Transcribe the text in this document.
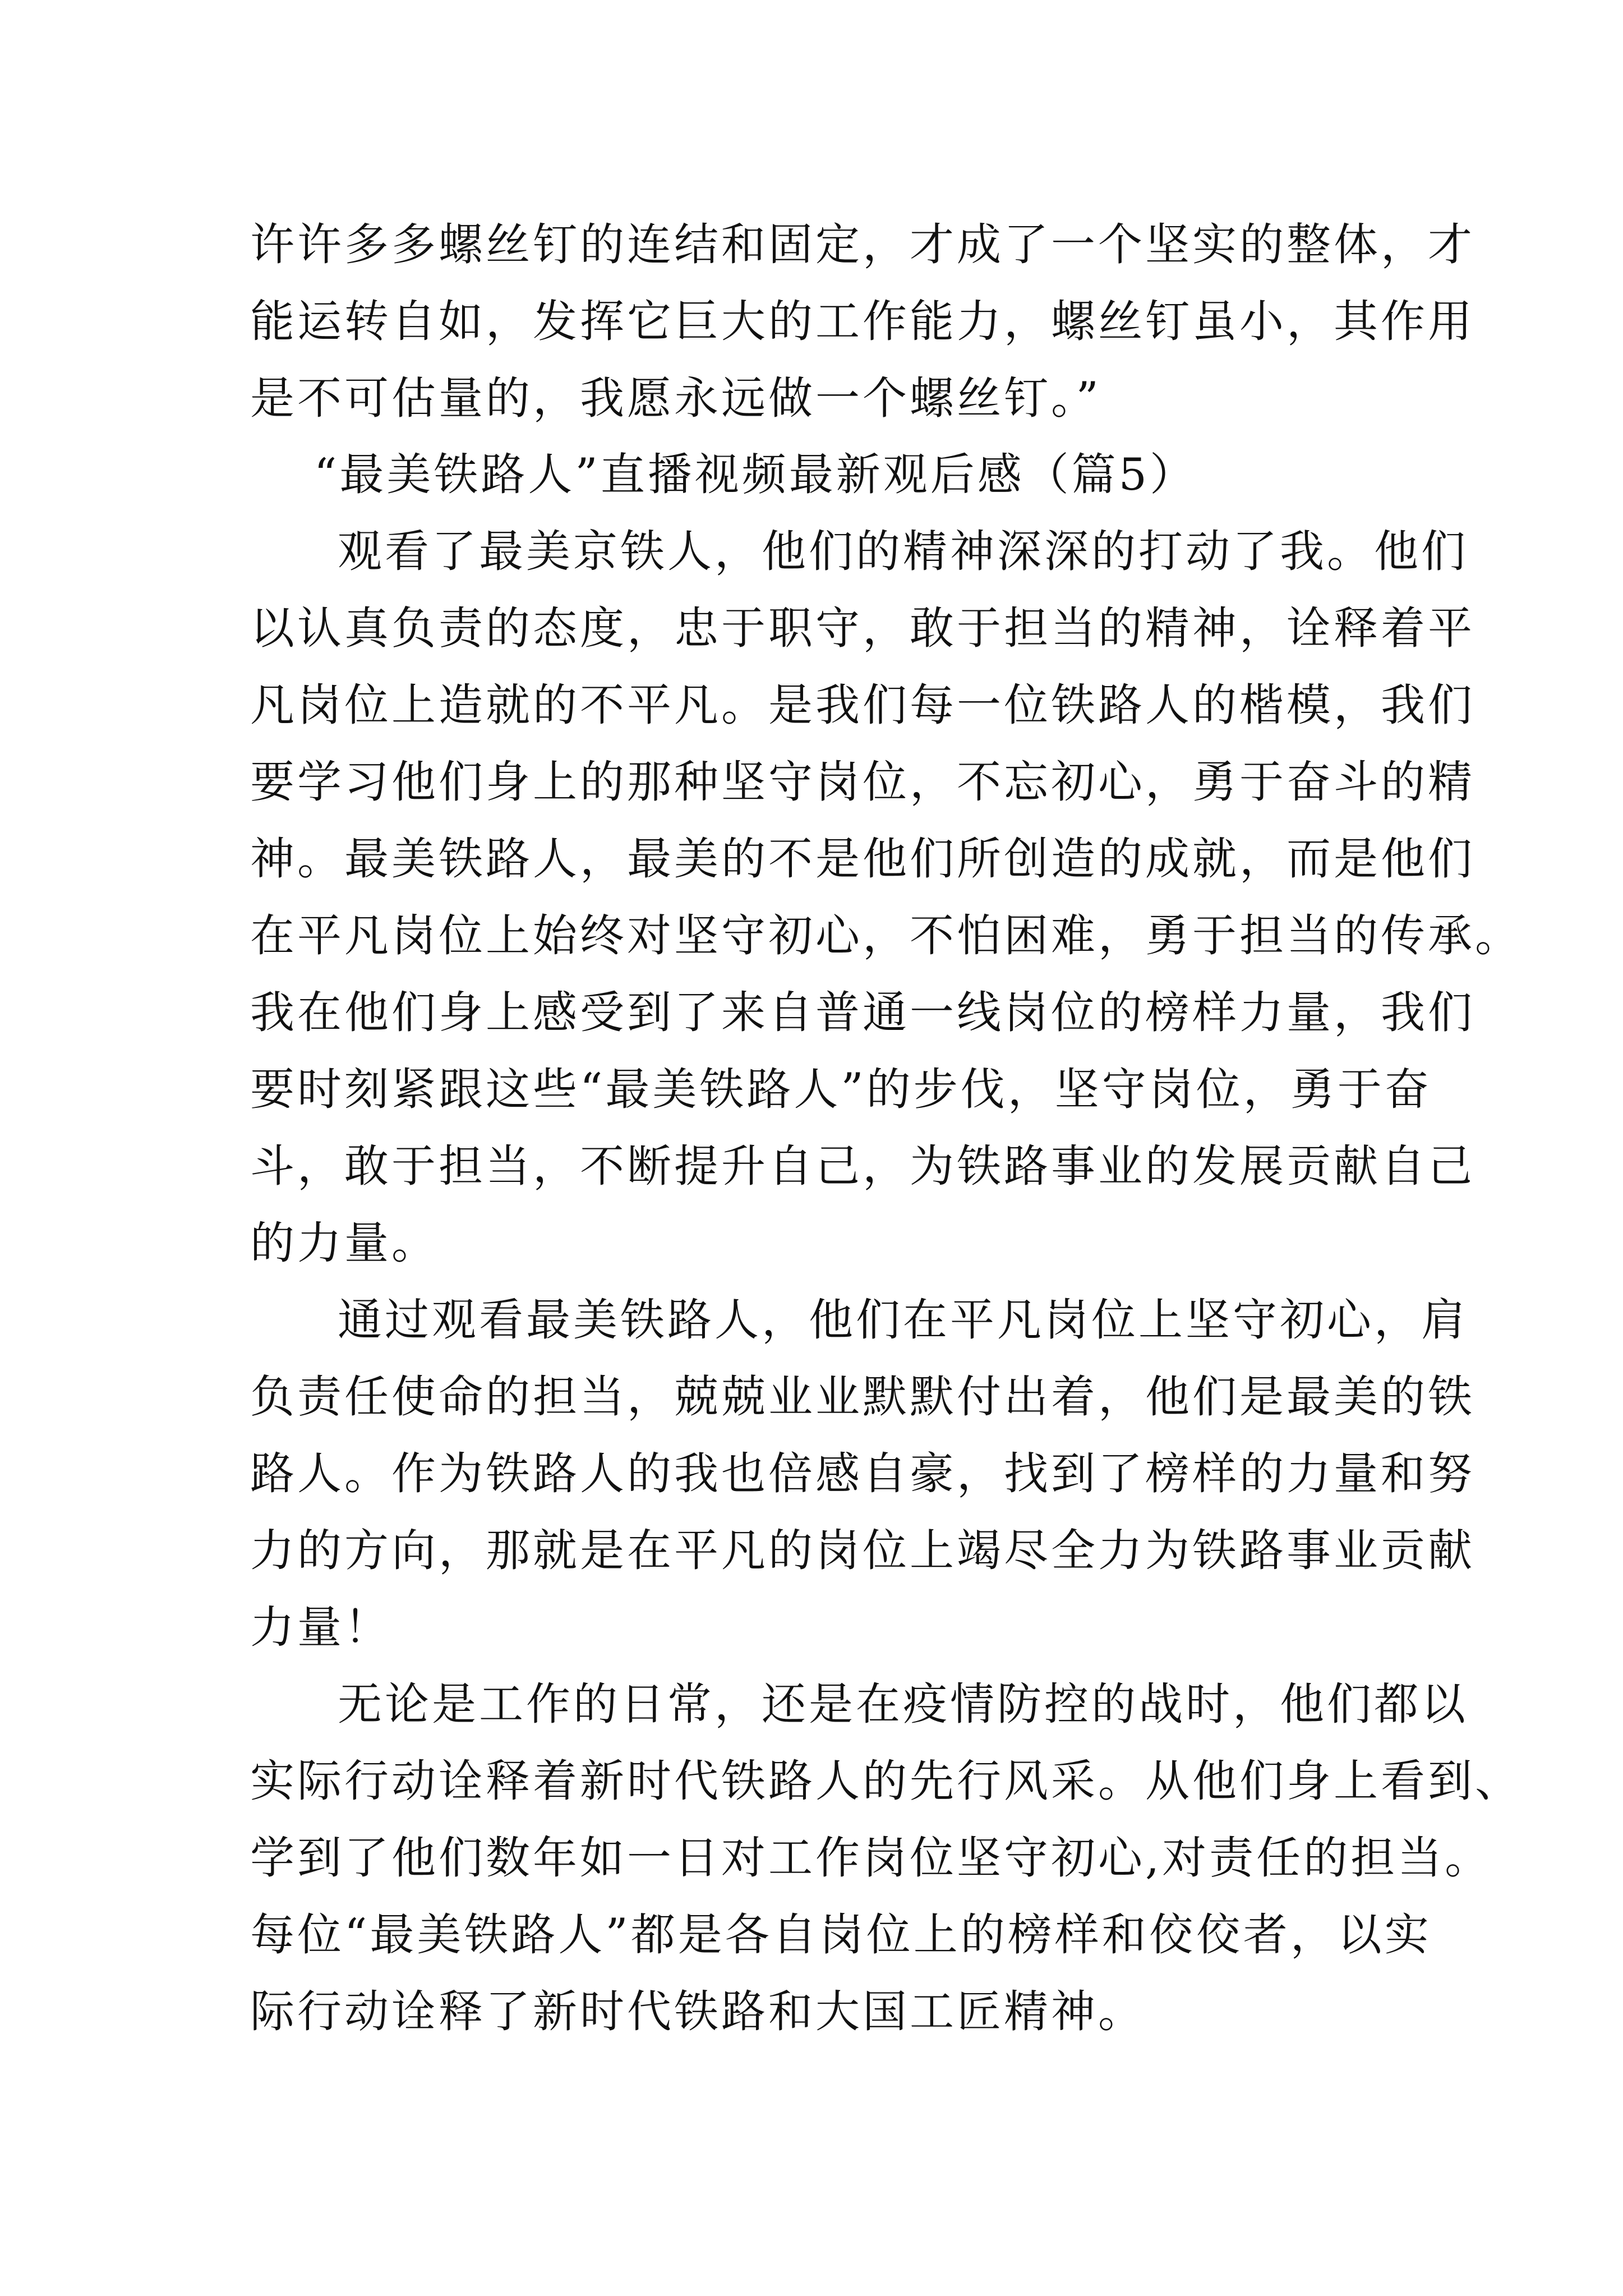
许许多多螺丝钉的连结和固定，才成了一个坚实的整体，才
能运转自如，发挥它巨大的工作能力，螺丝钉虽小，其作用
是不可估量的，我愿永远做一个螺丝钉。”
“最美铁路人”直播视频最新观后感（篇5）
观看了最美京铁人，他们的精神深深的打动了我。他们
以认真负责的态度，忠于职守，敢于担当的精神，诠释着平
凡岗位上造就的不平凡。是我们每一位铁路人的楷模，我们
要学习他们身上的那种坚守岗位，不忘初心，勇于奋斗的精
神。最美铁路人，最美的不是他们所创造的成就，而是他们
在平凡岗位上始终对坚守初心，不怕困难，勇于担当的传承。
我在他们身上感受到了来自普通一线岗位的榜样力量，我们
要时刻紧跟这些“最美铁路人”的步伐，坚守岗位，勇于奋
斗，敢于担当，不断提升自己，为铁路事业的发展贡献自己
的力量。
通过观看最美铁路人，他们在平凡岗位上坚守初心，肩
负责任使命的担当，兢兢业业默默付出着，他们是最美的铁
路人。作为铁路人的我也倍感自豪，找到了榜样的力量和努
力的方向，那就是在平凡的岗位上竭尽全力为铁路事业贡献
力量！
无论是工作的日常，还是在疫情防控的战时，他们都以
实际行动诠释着新时代铁路人的先行风采。从他们身上看到、
学到了他们数年如一日对工作岗位坚守初心,对责任的担当。
每位“最美铁路人”都是各自岗位上的榜样和佼佼者，以实
际行动诠释了新时代铁路和大国工匠精神。
